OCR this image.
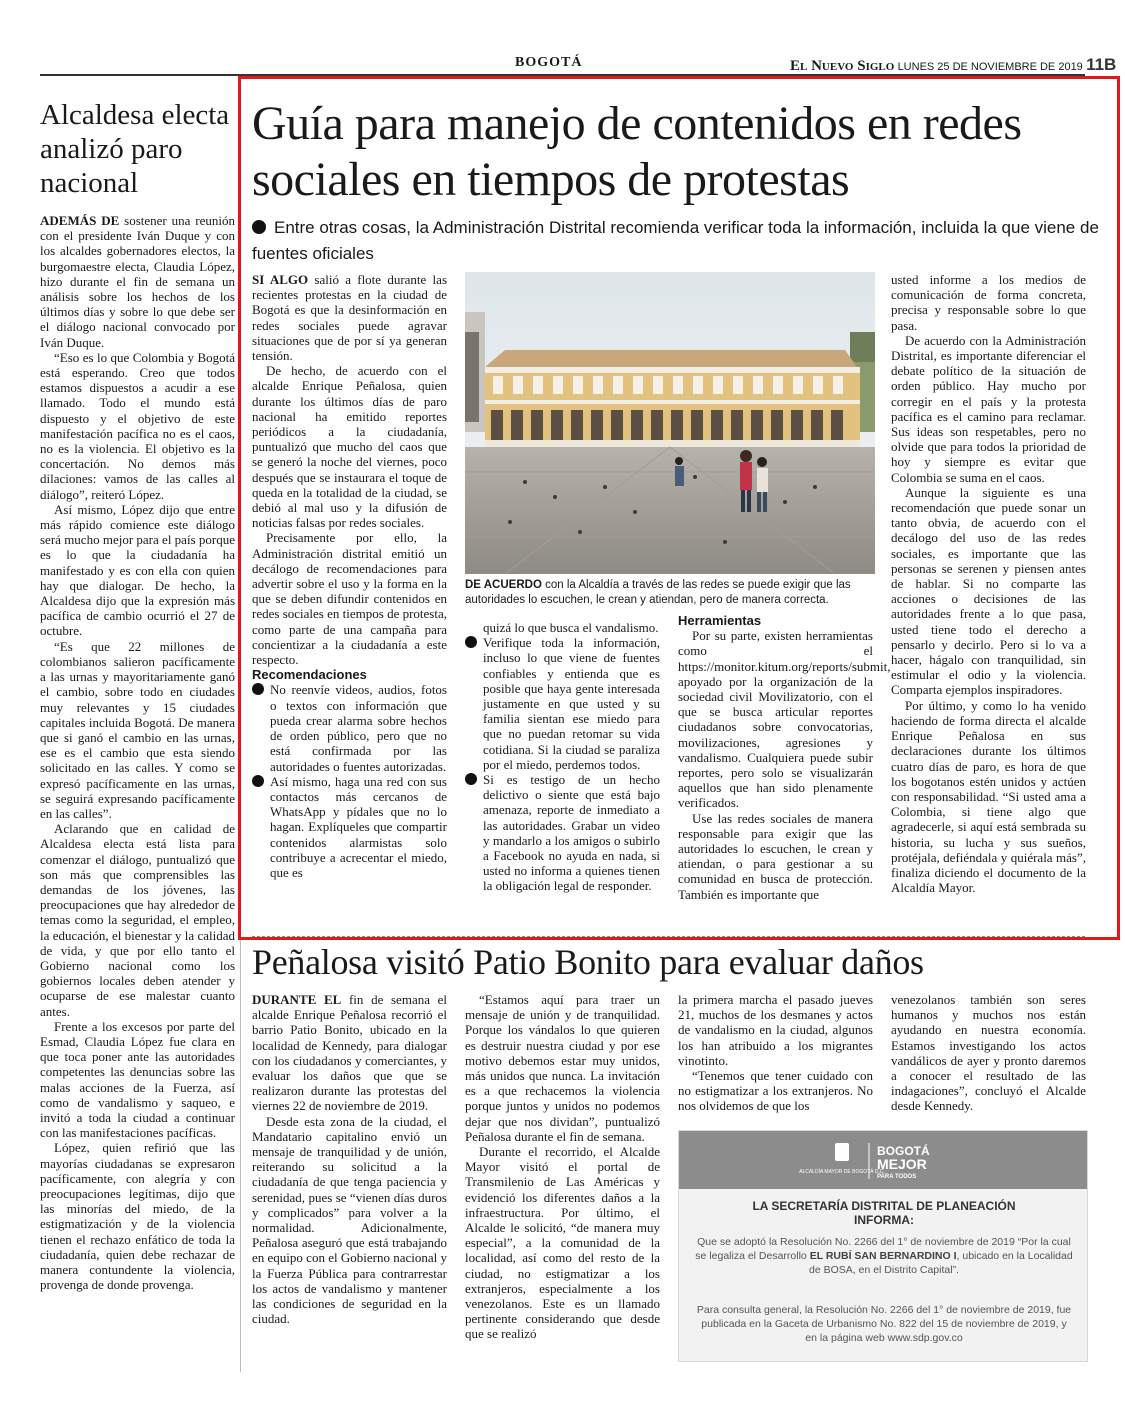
BOGOTÁ	El Nuevo Siglo LUNES 25 DE NOVIEMBRE DE 2019 11B
Alcaldesa electa analizó paro nacional

ADEMÁS DE sostener una reunión con el presidente Iván Duque y con los alcaldes gobernadores electos, la burgomaestre electa, Claudia López, hizo durante el fin de semana un análisis sobre los hechos de los últimos días y sobre lo que debe ser el diálogo nacional convocado por Iván Duque.

“Eso es lo que Colombia y Bogotá está esperando. Creo que todos estamos dispuestos a acudir a ese llamado. Todo el mundo está dispuesto y el objetivo de este manifestación pacífica no es el caos, no es la violencia. El objetivo es la concertación. No demos más dilaciones: vamos de las calles al diálogo”, reiteró López.

Así mismo, López dijo que entre más rápido comience este diálogo será mucho mejor para el país porque es lo que la ciudadanía ha manifestado y es con ella con quien hay que dialogar. De hecho, la Alcaldesa dijo que la expresión más pacífica de cambio ocurrió el 27 de octubre.

“Es que 22 millones de colombianos salieron pacíficamente a las urnas y mayoritariamente ganó el cambio, sobre todo en ciudades muy relevantes y 15 ciudades capitales incluida Bogotá. De manera que si ganó el cambio en las urnas, ese es el cambio que esta siendo solicitado en las calles. Y como se expresó pacíficamente en las urnas, se seguirá expresando pacíficamente en las calles”.

Aclarando que en calidad de Alcaldesa electa está lista para comenzar el diálogo, puntualizó que son más que comprensibles las demandas de los jóvenes, las preocupaciones que hay alrededor de temas como la seguridad, el empleo, la educación, el bienestar y la calidad de vida, y que por ello tanto el Gobierno nacional como los gobiernos locales deben atender y ocuparse de ese malestar cuanto antes.

Frente a los excesos por parte del Esmad, Claudia López fue clara en que toca poner ante las autoridades competentes las denuncias sobre las malas acciones de la Fuerza, así como de vandalismo y saqueo, e invitó a toda la ciudad a continuar con las manifestaciones pacíficas.

López, quien refirió que las mayorías ciudadanas se expresaron pacíficamente, con alegría y con preocupaciones legítimas, dijo que las minorías del miedo, de la estigmatización y de la violencia tienen el rechazo enfático de toda la ciudadanía, quien debe rechazar de manera contundente la violencia, provenga de donde provenga.

Guía para manejo de contenidos en redes sociales en tiempos de protestas
Entre otras cosas, la Administración Distrital recomienda verificar toda la información, incluida la que viene de fuentes oficiales

SI ALGO salió a flote durante las recientes protestas en la ciudad de Bogotá es que la desinformación en redes sociales puede agravar situaciones que de por sí ya generan tensión.

De hecho, de acuerdo con el alcalde Enrique Peñalosa, quien durante los últimos días de paro nacional ha emitido reportes periódicos a la ciudadanía, puntualizó que mucho del caos que se generó la noche del viernes, poco después que se instaurara el toque de queda en la totalidad de la ciudad, se debió al mal uso y la difusión de noticias falsas por redes sociales.

Precisamente por ello, la Administración distrital emitió un decálogo de recomendaciones para advertir sobre el uso y la forma en la que se deben difundir contenidos en redes sociales en tiempos de protesta, como parte de una campaña para concientizar a la ciudadanía a este respecto.

Recomendaciones

No reenvíe videos, audios, fotos o textos con información que pueda crear alarma sobre hechos de orden público, pero que no está confirmada por las autoridades o fuentes autorizadas.
Así mismo, haga una red con sus contactos más cercanos de WhatsApp y pídales que no lo hagan. Explíqueles que compartir contenidos alarmistas solo contribuye a acrecentar el miedo, que es
DE ACUERDO con la Alcaldía a través de las redes se puede exigir que las autoridades lo escuchen, le crean y atiendan, pero de manera correcta.

quizá lo que busca el vandalismo.

Verifique toda la información, incluso lo que viene de fuentes confiables y entienda que es posible que haya gente interesada justamente en que usted y su familia sientan ese miedo para que no puedan retomar su vida cotidiana. Si la ciudad se paraliza por el miedo, perdemos todos.
Si es testigo de un hecho delictivo o siente que está bajo amenaza, reporte de inmediato a las autoridades. Grabar un video y mandarlo a los amigos o subirlo a Facebook no ayuda en nada, si usted no informa a quienes tienen la obligación legal de responder.

Herramientas

Por su parte, existen herramientas como el https://monitor.kitum.org/reports/submit, apoyado por la organización de la sociedad civil Movilizatorio, con el que se busca articular reportes ciudadanos sobre convocatorias, movilizaciones, agresiones y vandalismo. Cualquiera puede subir reportes, pero solo se visualizarán aquellos que han sido plenamente verificados.

Use las redes sociales de manera responsable para exigir que las autoridades lo escuchen, le crean y atiendan, o para gestionar a su comunidad en busca de protección. También es importante que

usted informe a los medios de comunicación de forma concreta, precisa y responsable sobre lo que pasa.

De acuerdo con la Administración Distrital, es importante diferenciar el debate político de la situación de orden público. Hay mucho por corregir en el país y la protesta pacífica es el camino para reclamar. Sus ideas son respetables, pero no olvide que para todos la prioridad de hoy y siempre es evitar que Colombia se suma en el caos.

Aunque la siguiente es una recomendación que puede sonar un tanto obvia, de acuerdo con el decálogo del uso de las redes sociales, es importante que las personas se serenen y piensen antes de hablar. Si no comparte las acciones o decisiones de las autoridades frente a lo que pasa, usted tiene todo el derecho a pensarlo y decirlo. Pero si lo va a hacer, hágalo con tranquilidad, sin estimular el odio y la violencia. Comparta ejemplos inspiradores.

Por último, y como lo ha venido haciendo de forma directa el alcalde Enrique Peñalosa en sus declaraciones durante los últimos cuatro días de paro, es hora de que los bogotanos estén unidos y actúen con responsabilidad. “Si usted ama a Colombia, si tiene algo que agradecerle, si aquí está sembrada su historia, su lucha y sus sueños, protéjala, defiéndala y quiérala más”, finaliza diciendo el documento de la Alcaldía Mayor.

Peñalosa visitó Patio Bonito para evaluar daños

DURANTE EL fin de semana el alcalde Enrique Peñalosa recorrió el barrio Patio Bonito, ubicado en la localidad de Kennedy, para dialogar con los ciudadanos y comerciantes, y evaluar los daños que que se realizaron durante las protestas del viernes 22 de noviembre de 2019.

Desde esta zona de la ciudad, el Mandatario capitalino envió un mensaje de tranquilidad y de unión, reiterando su solicitud a la ciudadanía de que tenga paciencia y serenidad, pues se “vienen días duros y complicados” para volver a la normalidad. Adicionalmente, Peñalosa aseguró que está trabajando en equipo con el Gobierno nacional y la Fuerza Pública para contrarrestar los actos de vandalismo y mantener las condiciones de seguridad en la ciudad.

“Estamos aquí para traer un mensaje de unión y de tranquilidad. Porque los vándalos lo que quieren es destruir nuestra ciudad y por ese motivo debemos estar muy unidos, más unidos que nunca. La invitación es a que rechacemos la violencia porque juntos y unidos no podemos dejar que nos dividan”, puntualizó Peñalosa durante el fin de semana.

Durante el recorrido, el Alcalde Mayor visitó el portal de Transmilenio de Las Américas y evidenció los diferentes daños a la infraestructura. Por último, el Alcalde le solicitó, “de manera muy especial”, a la comunidad de la localidad, así como del resto de la ciudad, no estigmatizar a los extranjeros, especialmente a los venezolanos. Este es un llamado pertinente considerando que desde que se realizó

la primera marcha el pasado jueves 21, muchos de los desmanes y actos de vandalismo en la ciudad, algunos los han atribuido a los migrantes vinotinto.

“Tenemos que tener cuidado con no estigmatizar a los extranjeros. No nos olvidemos de que los

venezolanos también son seres humanos y muchos nos están ayudando en nuestra economía. Estamos investigando los actos vandálicos de ayer y pronto daremos a conocer el resultado de las indagaciones”, concluyó el Alcalde desde Kennedy.

ALCALDÍA MAYOR DE BOGOTÁ D.C.
BOGOTÁ
MEJOR
PARA TODOS
LA SECRETARÍA DISTRITAL DE PLANEACIÓN
INFORMA:
Que se adoptó la Resolución No. 2266 del 1° de noviembre de 2019 “Por la cual se legaliza el Desarrollo EL RUBÍ SAN BERNARDINO I, ubicado en la Localidad de BOSA, en el Distrito Capital”.
Para consulta general, la Resolución No. 2266 del 1° de noviembre de 2019, fue publicada en la Gaceta de Urbanismo No. 822 del 15 de noviembre de 2019, y en la página web www.sdp.gov.co
